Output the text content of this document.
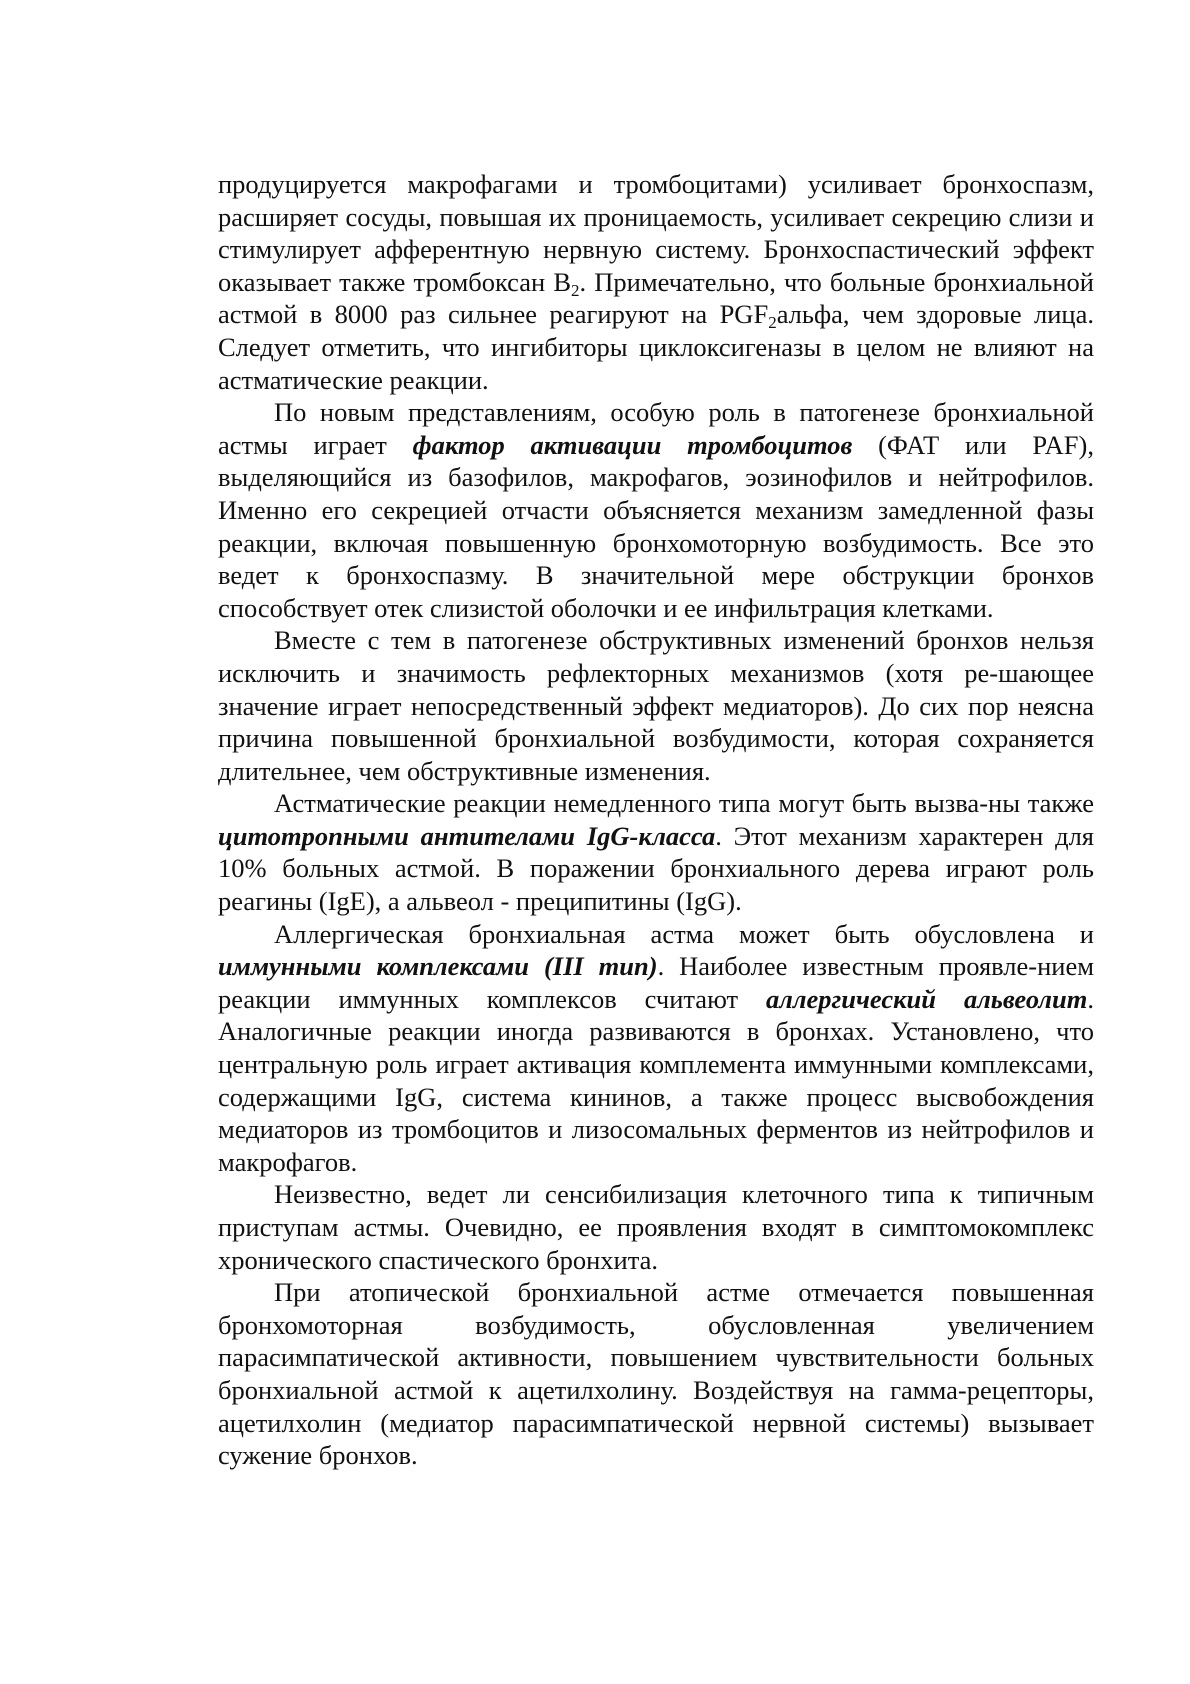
продуцируется макрофагами и тромбоцитами) усиливает бронхоспазм, расширяет сосуды, повышая их проницаемость, усиливает секрецию слизи и стимулирует афферентную нервную систему. Бронхоспастический эффект оказывает также тромбоксан $В_2$. Примечательно, что больные бронхиальной астмой в 8000 раз сильнее реагируют на $PGF_2альфа$, чем здоровые лица. Следует отметить, что ингибиторы циклоксигеназы в целом не влияют на астматические реакции.

По новым представлениям, особую роль в патогенезе бронхиальной астмы играет фактор активации тромбоцитов (ФАТ или PAF), выделяющийся из базофилов, макрофагов, эозинофилов и нейтрофилов. Именно его секрецией отчасти объясняется механизм замедленной фазы реакции, включая повышенную бронхомоторную возбудимость. Все это ведет к бронхоспазму. В значительной мере обструкции бронхов способствует отек слизистой оболочки и ее инфильтрация клетками.

Вместе с тем в патогенезе обструктивных изменений бронхов нельзя исключить и значимость рефлекторных механизмов (хотя ре-шающее значение играет непосредственный эффект медиаторов). До сих пор неясна причина повышенной бронхиальной возбудимости, которая сохраняется длительнее, чем обструктивные изменения.

Астматические реакции немедленного типа могут быть вызва-ны также цитотропными антителами IgG-класса. Этот механизм характерен для 10% больных астмой. В поражении бронхиального дерева играют роль реагины (IgE), а альвеол - преципитины (IgG).

Аллергическая бронхиальная астма может быть обусловлена и иммунными комплексами (III тип). Наиболее известным проявле-нием реакции иммунных комплексов считают аллергический альвеолит. Аналогичные реакции иногда развиваются в бронхах. Установлено, что центральную роль играет активация комплемента иммунными комплексами, содержащими IgG, система кининов, а также процесс высвобождения медиаторов из тромбоцитов и лизосомальных ферментов из нейтрофилов и макрофагов.

Неизвестно, ведет ли сенсибилизация клеточного типа к типичным приступам астмы. Очевидно, ее проявления входят в симптомокомплекс хронического спастического бронхита.

При атопической бронхиальной астме отмечается повышенная бронхомоторная возбудимость, обусловленная увеличением парасимпатической активности, повышением чувствительности больных бронхиальной астмой к ацетилхолину. Воздействуя на гамма-рецепторы, ацетилхолин (медиатор парасимпатической нервной системы) вызывает сужение бронхов.
